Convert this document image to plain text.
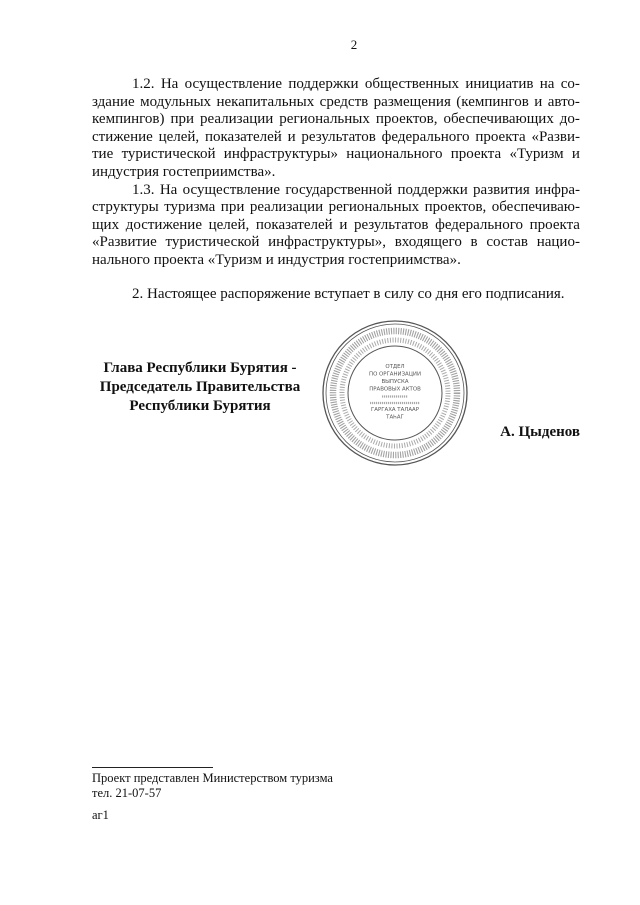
2
1.2. На осуществление поддержки общественных инициатив на со-
здание модульных некапитальных средств размещения (кемпингов и авто-
кемпингов) при реализации региональных проектов, обеспечивающих до-
стижение целей, показателей и результатов федерального проекта «Разви-
тие туристической инфраструктуры» национального проекта «Туризм и
индустрия гостеприимства».
1.3. На осуществление государственной поддержки развития инфра-
структуры туризма при реализации региональных проектов, обеспечиваю-
щих достижение целей, показателей и результатов федерального проекта
«Развитие туристической инфраструктуры», входящего в состав нацио-
нального проекта «Туризм и индустрия гостеприимства».
2. Настоящее распоряжение вступает в силу со дня его подписания.
Глава Республики Бурятия -
Председатель Правительства
Республики Бурятия
ОТДЕЛ
ПО ОРГАНИЗАЦИИ
ВЫПУСКА
ПРАВОВЫХ АКТОВ
ГАРГАХА ТАЛААР
ТАҺАГ
А. Цыденов
Проект представлен Министерством туризма
тел. 21-07-57
аг1
